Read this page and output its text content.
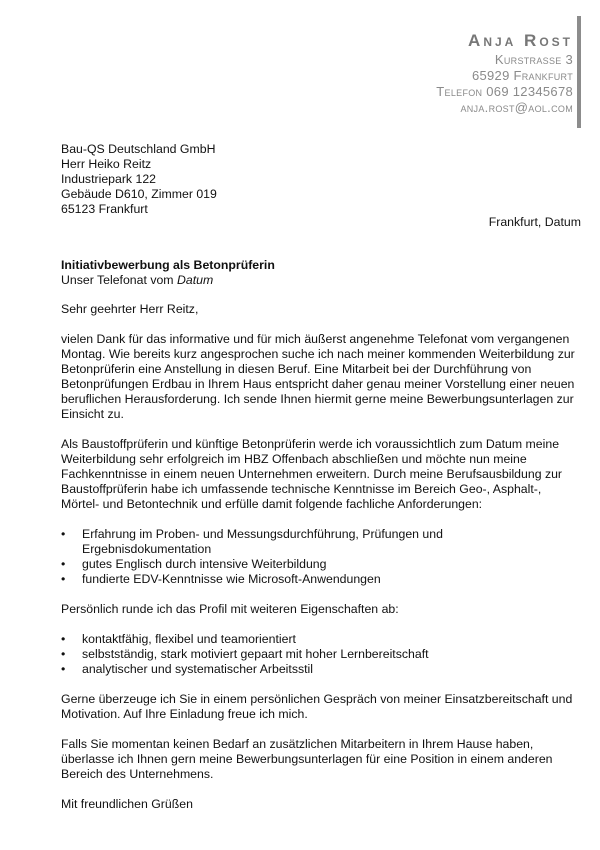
Anja Rost
Kurstrasse 3
65929 Frankfurt
Telefon 069 12345678
anja.rost@aol.com
Bau-QS Deutschland GmbH
Herr Heiko Reitz
Industriepark 122
Gebäude D610, Zimmer 019
65123 Frankfurt
Frankfurt, Datum
Initiativbewerbung als Betonprüferin
Unser Telefonat vom Datum

Sehr geehrter Herr Reitz,

vielen Dank für das informative und für mich äußerst angenehme Telefonat vom vergangenen Montag. Wie bereits kurz angesprochen suche ich nach meiner kommenden Weiterbildung zur Betonprüferin eine Anstellung in diesen Beruf. Eine Mitarbeit bei der Durchführung von Betonprüfungen Erdbau in Ihrem Haus entspricht daher genau meiner Vorstellung einer neuen beruflichen Herausforderung. Ich sende Ihnen hiermit gerne meine Bewerbungsunterlagen zur Einsicht zu.

Als Baustoffprüferin und künftige Betonprüferin werde ich voraussichtlich zum Datum meine Weiterbildung sehr erfolgreich im HBZ Offenbach abschließen und möchte nun meine Fachkenntnisse in einem neuen Unternehmen erweitern. Durch meine Berufsausbildung zur Baustoffprüferin habe ich umfassende technische Kenntnisse im Bereich Geo-, Asphalt-, Mörtel- und Betontechnik und erfülle damit folgende fachliche Anforderungen:

• Erfahrung im Proben- und Messungsdurchführung, Prüfungen und Ergebnisdokumentation
• gutes Englisch durch intensive Weiterbildung
• fundierte EDV-Kenntnisse wie Microsoft-Anwendungen

Persönlich runde ich das Profil mit weiteren Eigenschaften ab:

• kontaktfähig, flexibel und teamorientiert
• selbstständig, stark motiviert gepaart mit hoher Lernbereitschaft
• analytischer und systematischer Arbeitsstil

Gerne überzeuge ich Sie in einem persönlichen Gespräch von meiner Einsatzbereitschaft und Motivation. Auf Ihre Einladung freue ich mich.

Falls Sie momentan keinen Bedarf an zusätzlichen Mitarbeitern in Ihrem Hause haben, überlasse ich Ihnen gern meine Bewerbungsunterlagen für eine Position in einem anderen Bereich des Unternehmens.

Mit freundlichen Grüßen
